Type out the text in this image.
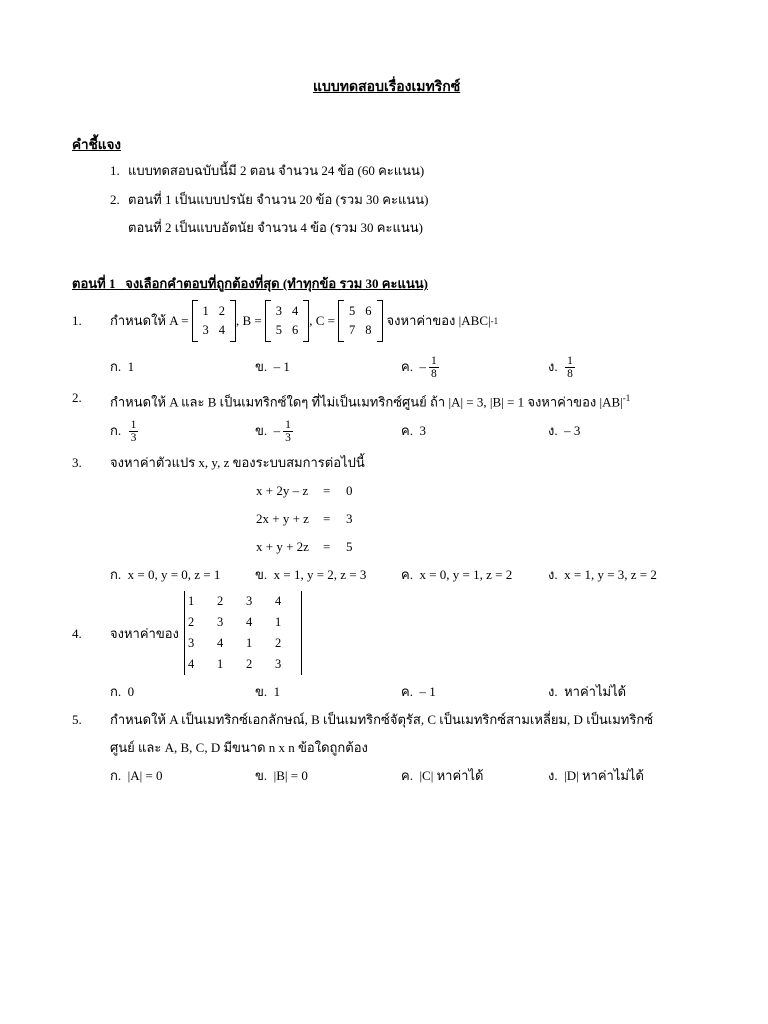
แบบทดสอบเรื่องเมทริกซ์
คำชี้แจง
1. แบบทดสอบฉบับนี้มี 2 ตอน จำนวน 24 ข้อ (60 คะแนน)
2. ตอนที่ 1 เป็นแบบปรนัย จำนวน 20 ข้อ (รวม 30 คะแนน)
ตอนที่ 2 เป็นแบบอัตนัย จำนวน 4 ข้อ (รวม 30 คะแนน)
ตอนที่ 1 จงเลือกคำตอบที่ถูกต้องที่สุด (ทำทุกข้อ รวม 30 คะแนน)
1. กำหนดให้ A =
1	2
3	4
, B =
3	4
5	6
, C =
5	6
7	8
จงหาค่าของ |ABC| -1
ก. 1	ข. – 1	ค.
– $\frac{1}{8}$	ง.
$\frac{1}{8}$
2. กำหนดให้ A และ B เป็นเมทริกซ์ใดๆ ที่ไม่เป็นเมทริกซ์ศูนย์ ถ้า |A| = 3, |B| = 1 จงหาค่าของ $|AB|^{-1}$
ก.
$\frac{1}{3}$	ข.
– $\frac{1}{3}$	ค. 3	ง. – 3
3. จงหาค่าตัวแปร x, y, z ของระบบสมการต่อไปนี้
x + 2y – z = 0
2x + y + z = 3
x + y + 2z = 5
ก. x = 0, y = 0, z = 1	ข. x = 1, y = 2, z = 3	ค. x = 0, y = 1, z = 2	ง. x = 1, y = 3, z = 2
4. จงหาค่าของ
1	2	3	4
2	3	4	1
3	4	1	2
4	1	2	3
ก. 0	ข. 1	ค. – 1	ง. หาค่าไม่ได้
5. กำหนดให้ A เป็นเมทริกซ์เอกลักษณ์, B เป็นเมทริกซ์จัตุรัส, C เป็นเมทริกซ์สามเหลี่ยม, D เป็นเมทริกซ์
ศูนย์ และ A, B, C, D มีขนาด n x n ข้อใดถูกต้อง
ก. |A| = 0	ข. |B| = 0	ค. |C| หาค่าได้	ง. |D| หาค่าไม่ได้
